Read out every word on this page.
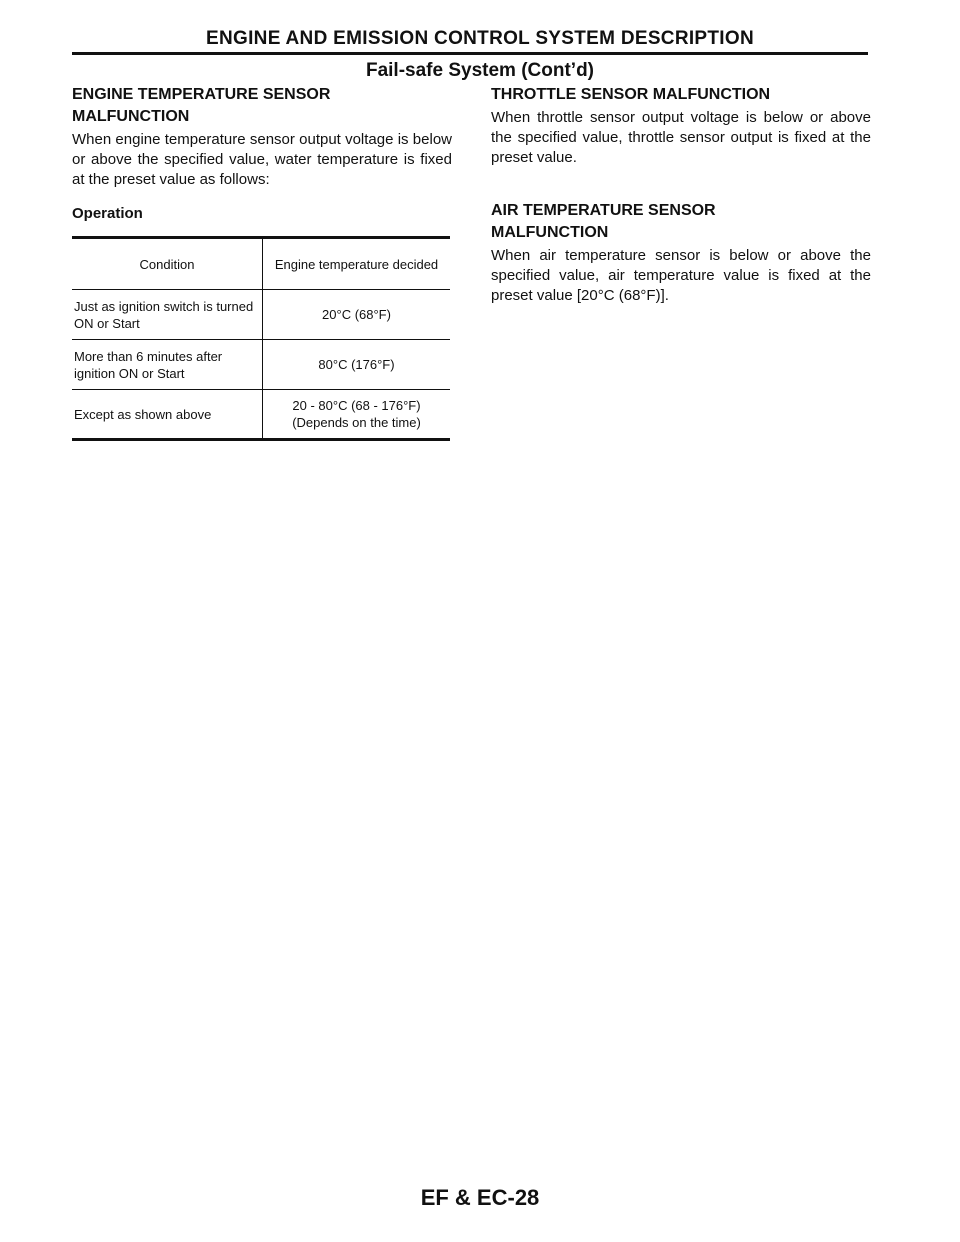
ENGINE AND EMISSION CONTROL SYSTEM DESCRIPTION
Fail-safe System (Cont’d)

ENGINE TEMPERATURE SENSOR

MALFUNCTION

When engine temperature sensor output voltage is below or above the specified value, water temperature is fixed at the preset value as follows:

Operation
Condition	Engine temperature decided
Just as ignition switch is turned ON or Start	20°C (68°F)
More than 6 minutes after ignition ON or Start	80°C (176°F)
Except as shown above	20 - 80°C (68 - 176°F) (Depends on the time)

THROTTLE SENSOR MALFUNCTION

When throttle sensor output voltage is below or above the specified value, throttle sensor output is fixed at the preset value.

AIR TEMPERATURE SENSOR

MALFUNCTION

When air temperature sensor is below or above the specified value, air temperature value is fixed at the preset value [20°C (68°F)].

EF & EC-28
